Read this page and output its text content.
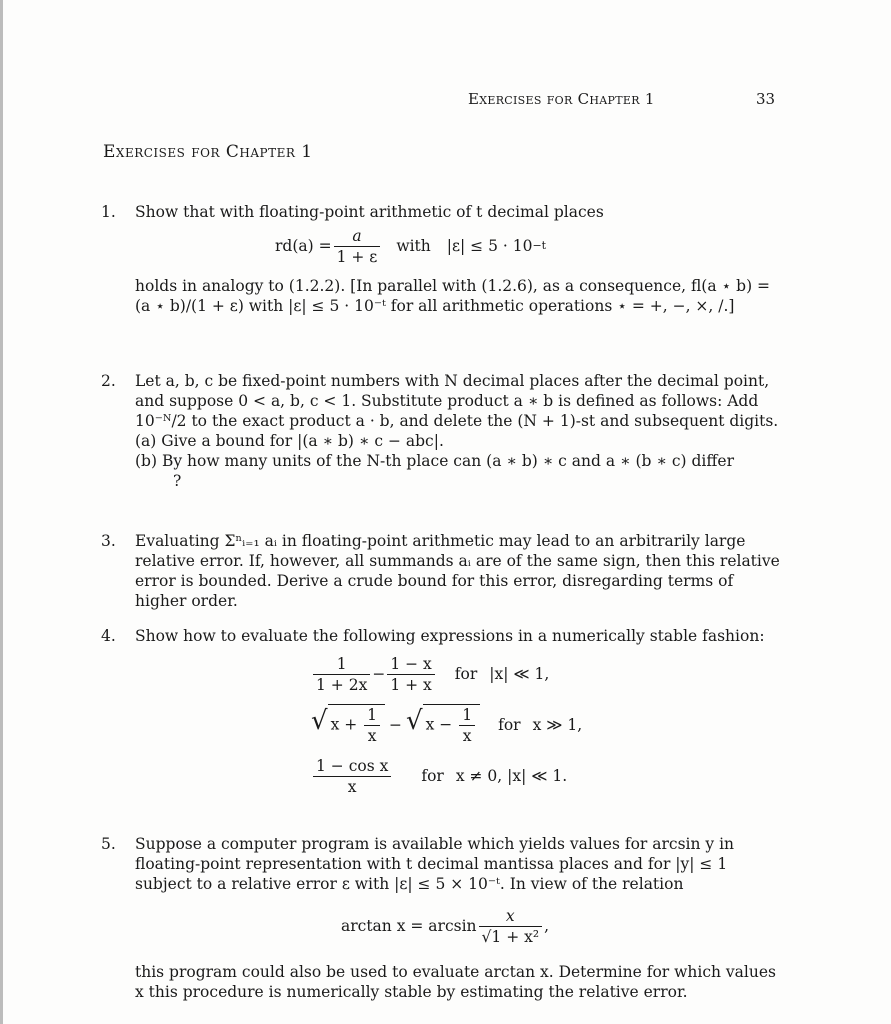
Exercises for Chapter 1	33
Exercises for Chapter 1
1. Show that with floating-point arithmetic of t decimal places

$rd(a) = \frac{a}{1 + \varepsilon}$ with |ε| ≤ 5 · 10 −t

holds in analogy to (1.2.2). [In parallel with (1.2.6), as a consequence, fl(a ⋆ b) = (a ⋆ b)/(1 + ε) with |ε| ≤ 5 · 10⁻ᵗ for all arithmetic operations ⋆ = +, −, ×, /.]

2. Let a, b, c be fixed-point numbers with N decimal places after the decimal point, and suppose 0 < a, b, c < 1. Substitute product a ∗ b is defined as follows: Add 10⁻ᴺ/2 to the exact product a · b, and delete the (N + 1)-st and subsequent digits.

(a) Give a bound for |(a ∗ b) ∗ c − abc|.

(b) By how many units of the N-th place can (a ∗ b) ∗ c and a ∗ (b ∗ c) differ

?

3. Evaluating Σⁿᵢ₌₁ aᵢ in floating-point arithmetic may lead to an arbitrarily large relative error. If, however, all summands aᵢ are of the same sign, then this relative error is bounded. Derive a crude bound for this error, disregarding terms of higher order.

4. Show how to evaluate the following expressions in a numerically stable fashion:

$\frac{1}{1 + 2x} - \frac{1 - x}{1 + x}$ for |x| ≪ 1,
√ $x + \frac{1}{x}$ − √ $x - \frac{1}{x}$ for x ≫ 1,
$\frac{\text{1 − cos x}}{x}$ for x ≠ 0, |x| ≪ 1.
5. Suppose a computer program is available which yields values for arcsin y in floating-point representation with t decimal mantissa places and for |y| ≤ 1 subject to a relative error ε with |ε| ≤ 5 × 10⁻ᵗ. In view of the relation

$\arctan x = \arcsin \frac{x}{\text{√1 + x²}}$ ,

this program could also be used to evaluate arctan x. Determine for which values x this procedure is numerically stable by estimating the relative error.
